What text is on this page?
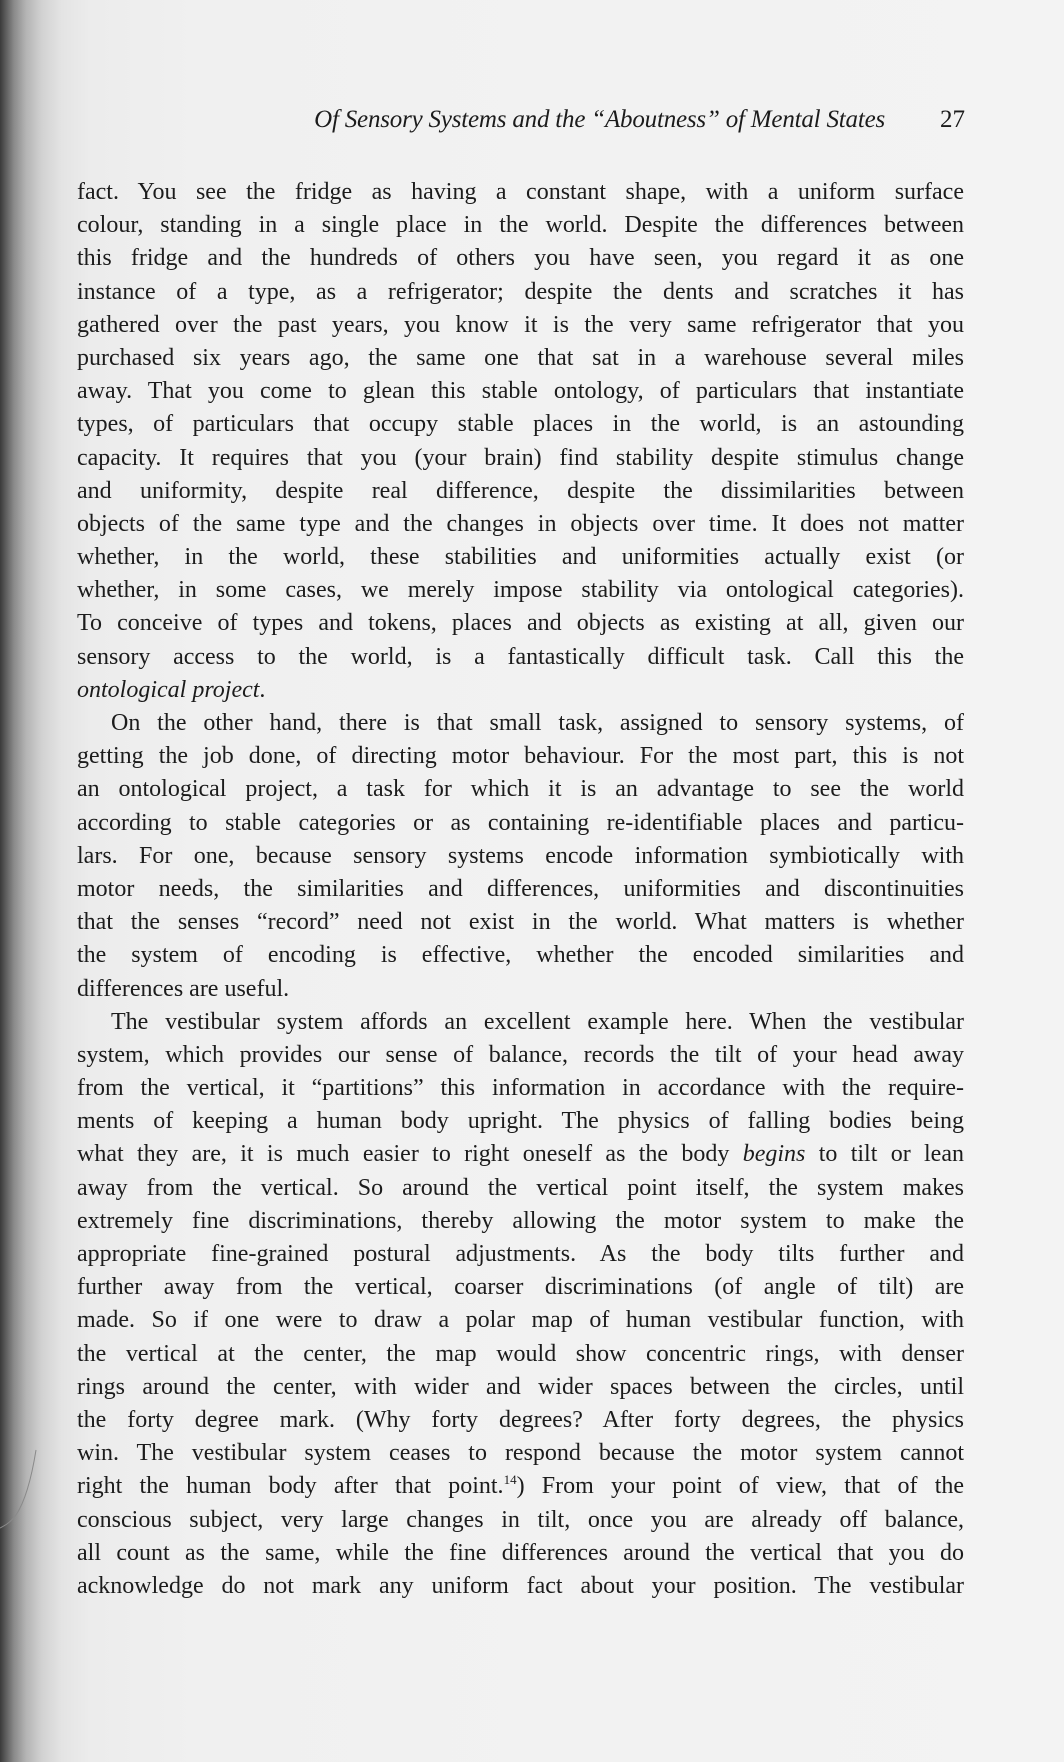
Of Sensory Systems and the “Aboutness” of Mental States 27
fact. You see the fridge as having a constant shape, with a uniform surface
colour, standing in a single place in the world. Despite the differences between
this fridge and the hundreds of others you have seen, you regard it as one
instance of a type, as a refrigerator; despite the dents and scratches it has
gathered over the past years, you know it is the very same refrigerator that you
purchased six years ago, the same one that sat in a warehouse several miles
away. That you come to glean this stable ontology, of particulars that instantiate
types, of particulars that occupy stable places in the world, is an astounding
capacity. It requires that you (your brain) find stability despite stimulus change
and uniformity, despite real difference, despite the dissimilarities between
objects of the same type and the changes in objects over time. It does not matter
whether, in the world, these stabilities and uniformities actually exist (or
whether, in some cases, we merely impose stability via ontological categories).
To conceive of types and tokens, places and objects as existing at all, given our
sensory access to the world, is a fantastically difficult task. Call this the
ontological project.
On the other hand, there is that small task, assigned to sensory systems, of
getting the job done, of directing motor behaviour. For the most part, this is not
an ontological project, a task for which it is an advantage to see the world
according to stable categories or as containing re-identifiable places and particu-
lars. For one, because sensory systems encode information symbiotically with
motor needs, the similarities and differences, uniformities and discontinuities
that the senses “record” need not exist in the world. What matters is whether
the system of encoding is effective, whether the encoded similarities and
differences are useful.
The vestibular system affords an excellent example here. When the vestibular
system, which provides our sense of balance, records the tilt of your head away
from the vertical, it “partitions” this information in accordance with the require-
ments of keeping a human body upright. The physics of falling bodies being
what they are, it is much easier to right oneself as the body begins to tilt or lean
away from the vertical. So around the vertical point itself, the system makes
extremely fine discriminations, thereby allowing the motor system to make the
appropriate fine-grained postural adjustments. As the body tilts further and
further away from the vertical, coarser discriminations (of angle of tilt) are
made. So if one were to draw a polar map of human vestibular function, with
the vertical at the center, the map would show concentric rings, with denser
rings around the center, with wider and wider spaces between the circles, until
the forty degree mark. (Why forty degrees? After forty degrees, the physics
win. The vestibular system ceases to respond because the motor system cannot
right the human body after that point.$^{14}$) From your point of view, that of the
conscious subject, very large changes in tilt, once you are already off balance,
all count as the same, while the fine differences around the vertical that you do
acknowledge do not mark any uniform fact about your position. The vestibular
